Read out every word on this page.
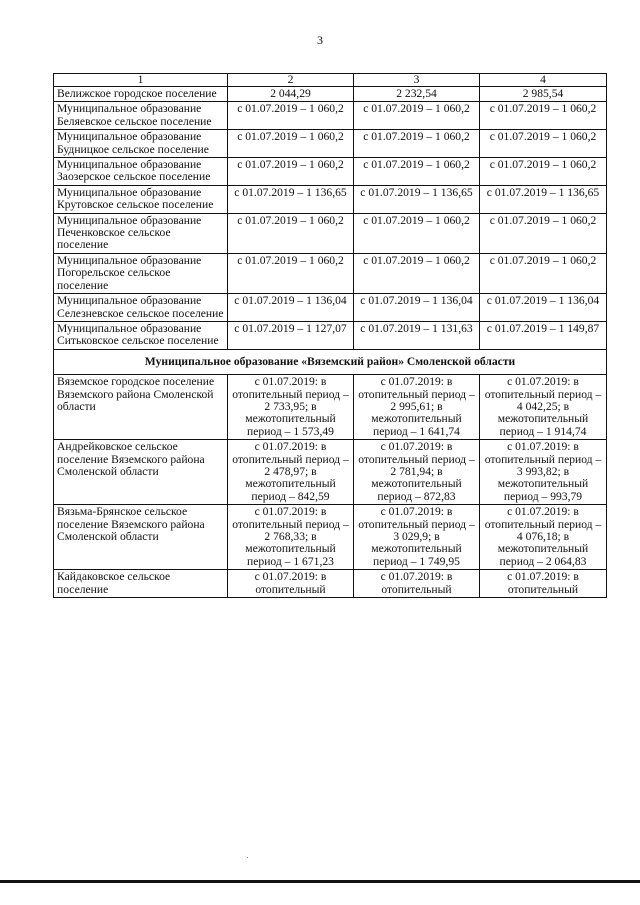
3
1	2	3	4
Велижское городское поселение	2 044,29	2 232,54	2 985,54
Муниципальное образование Беляевское сельское поселение	с 01.07.2019 – 1 060,2	с 01.07.2019 – 1 060,2	с 01.07.2019 – 1 060,2
Муниципальное образование Будницкое сельское поселение	с 01.07.2019 – 1 060,2	с 01.07.2019 – 1 060,2	с 01.07.2019 – 1 060,2
Муниципальное образование Заозерское сельское поселение	с 01.07.2019 – 1 060,2	с 01.07.2019 – 1 060,2	с 01.07.2019 – 1 060,2
Муниципальное образование Крутовское сельское поселение	с 01.07.2019 – 1 136,65	с 01.07.2019 – 1 136,65	с 01.07.2019 – 1 136,65
Муниципальное образование Печенковское сельское поселение	с 01.07.2019 – 1 060,2	с 01.07.2019 – 1 060,2	с 01.07.2019 – 1 060,2
Муниципальное образование Погорельское сельское поселение	с 01.07.2019 – 1 060,2	с 01.07.2019 – 1 060,2	с 01.07.2019 – 1 060,2
Муниципальное образование Селезневское сельское поселение	с 01.07.2019 – 1 136,04	с 01.07.2019 – 1 136,04	с 01.07.2019 – 1 136,04
Муниципальное образование Ситьковское сельское поселение	с 01.07.2019 – 1 127,07	с 01.07.2019 – 1 131,63	с 01.07.2019 – 1 149,87
Муниципальное образование «Вяземский район» Смоленской области			
Вяземское городское поселение Вяземского района Смоленской области	с 01.07.2019: в отопительный период – 2 733,95; в межотопительный период – 1 573,49	с 01.07.2019: в отопительный период – 2 995,61; в межотопительный период – 1 641,74	с 01.07.2019: в отопительный период – 4 042,25; в межотопительный период – 1 914,74
Андрейковское сельское поселение Вяземского района Смоленской области	с 01.07.2019: в отопительный период – 2 478,97; в межотопительный период – 842,59	с 01.07.2019: в отопительный период – 2 781,94; в межотопительный период – 872,83	с 01.07.2019: в отопительный период – 3 993,82; в межотопительный период – 993,79
Вязьма-Брянское сельское поселение Вяземского района Смоленской области	с 01.07.2019: в отопительный период – 2 768,33; в межотопительный период – 1 671,23	с 01.07.2019: в отопительный период – 3 029,9; в межотопительный период – 1 749,95	с 01.07.2019: в отопительный период – 4 076,18; в межотопительный период – 2 064,83
Кайдаковское сельское поселение	с 01.07.2019: в отопительный	с 01.07.2019: в отопительный	с 01.07.2019: в отопительный
